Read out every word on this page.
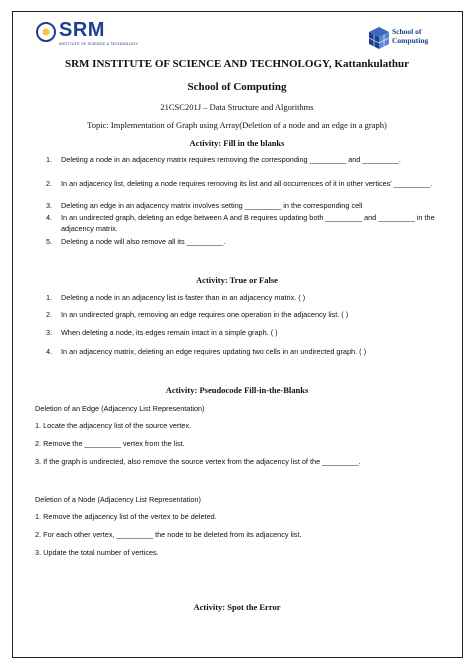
SRM
INSTITUTE OF SCIENCE & TECHNOLOGY
School of
Computing
SRM INSTITUTE OF SCIENCE AND TECHNOLOGY, Kattankulathur
School of Computing
21CSC201J – Data Structure and Algorithms
Topic: Implementation of Graph using Array(Deletion of a node and an edge in a graph)
Activity: Fill in the blanks
1. Deleting a node in an adjacency matrix requires removing the corresponding _________ and _________.
2. In an adjacency list, deleting a node requires removing its list and all occurrences of it in other vertices' _________.
3. Deleting an edge in an adjacency matrix involves setting _________ in the corresponding cell
4. In an undirected graph, deleting an edge between A and B requires updating both _________ and _________ in the adjacency matrix.
5. Deleting a node will also remove all its _________.
Activity: True or False
1. Deleting a node in an adjacency list is faster than in an adjacency matrix. ( )
2. In an undirected graph, removing an edge requires one operation in the adjacency list. ( )
3. When deleting a node, its edges remain intact in a simple graph. ( )
4. In an adjacency matrix, deleting an edge requires updating two cells in an undirected graph. ( )
Activity: Pseudocode Fill-in-the-Blanks
Deletion of an Edge (Adjacency List Representation)
1. Locate the adjacency list of the source vertex.
2. Remove the _________ vertex from the list.
3. If the graph is undirected, also remove the source vertex from the adjacency list of the _________.
Deletion of a Node (Adjacency List Representation)
1. Remove the adjacency list of the vertex to be deleted.
2. For each other vertex, _________ the node to be deleted from its adjacency list.
3. Update the total number of vertices.
Activity: Spot the Error
